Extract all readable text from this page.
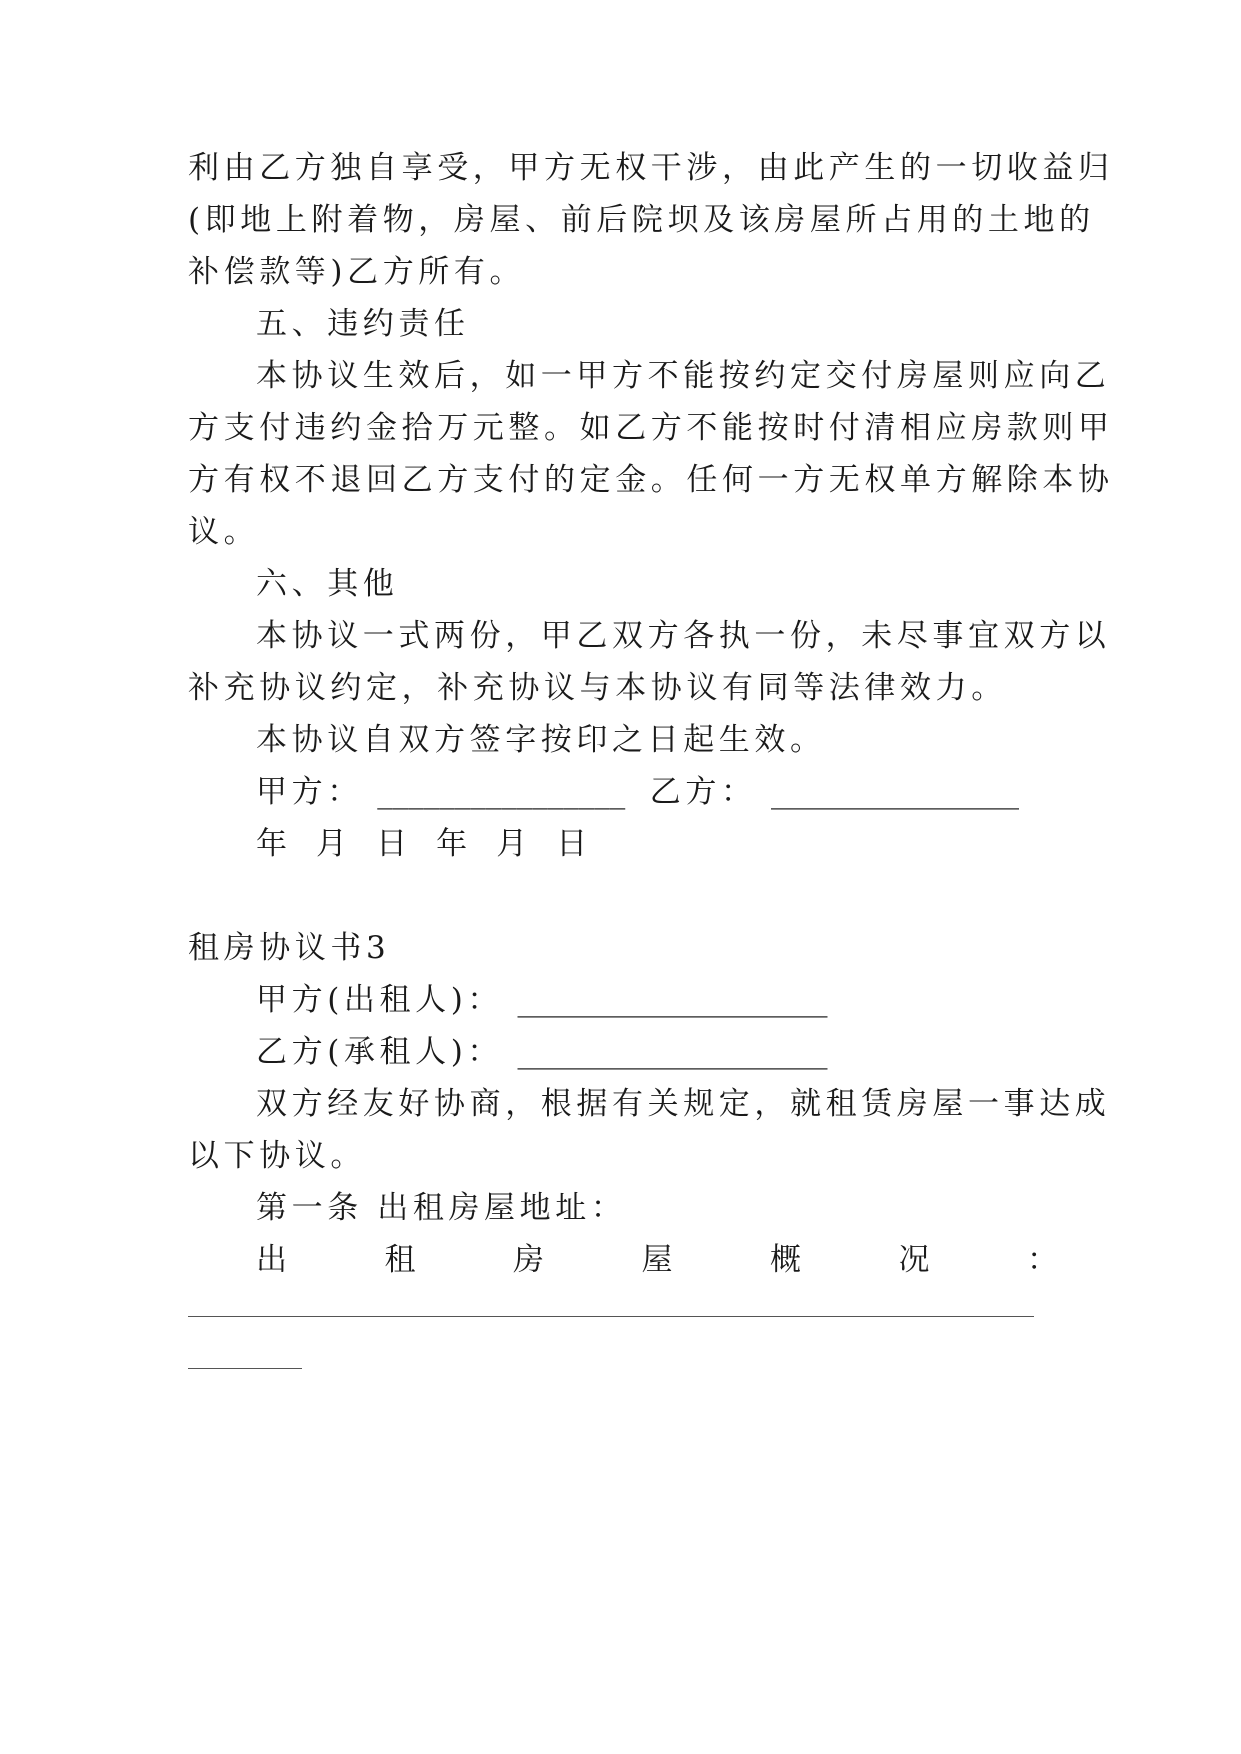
利由乙方独自享受，甲方无权干涉，由此产生的一切收益归
(即地上附着物，房屋、前后院坝及该房屋所占用的土地的
补偿款等)乙方所有。
五、违约责任
本协议生效后，如一甲方不能按约定交付房屋则应向乙
方支付违约金拾万元整。如乙方不能按时付清相应房款则甲
方有权不退回乙方支付的定金。任何一方无权单方解除本协
议。
六、其他
本协议一式两份，甲乙双方各执一份，未尽事宜双方以
补充协议约定，补充协议与本协议有同等法律效力。
本协议自双方签字按印之日起生效。
甲方： ________________ 乙方： ________________
年 月 日 年 月 日
租房协议书3
甲方(出租人)： ____________________
乙方(承租人)： ____________________
双方经友好协商，根据有关规定，就租赁房屋一事达成
以下协议。
第一条 出租房屋地址：
出	租	房	屋	概	况	：
